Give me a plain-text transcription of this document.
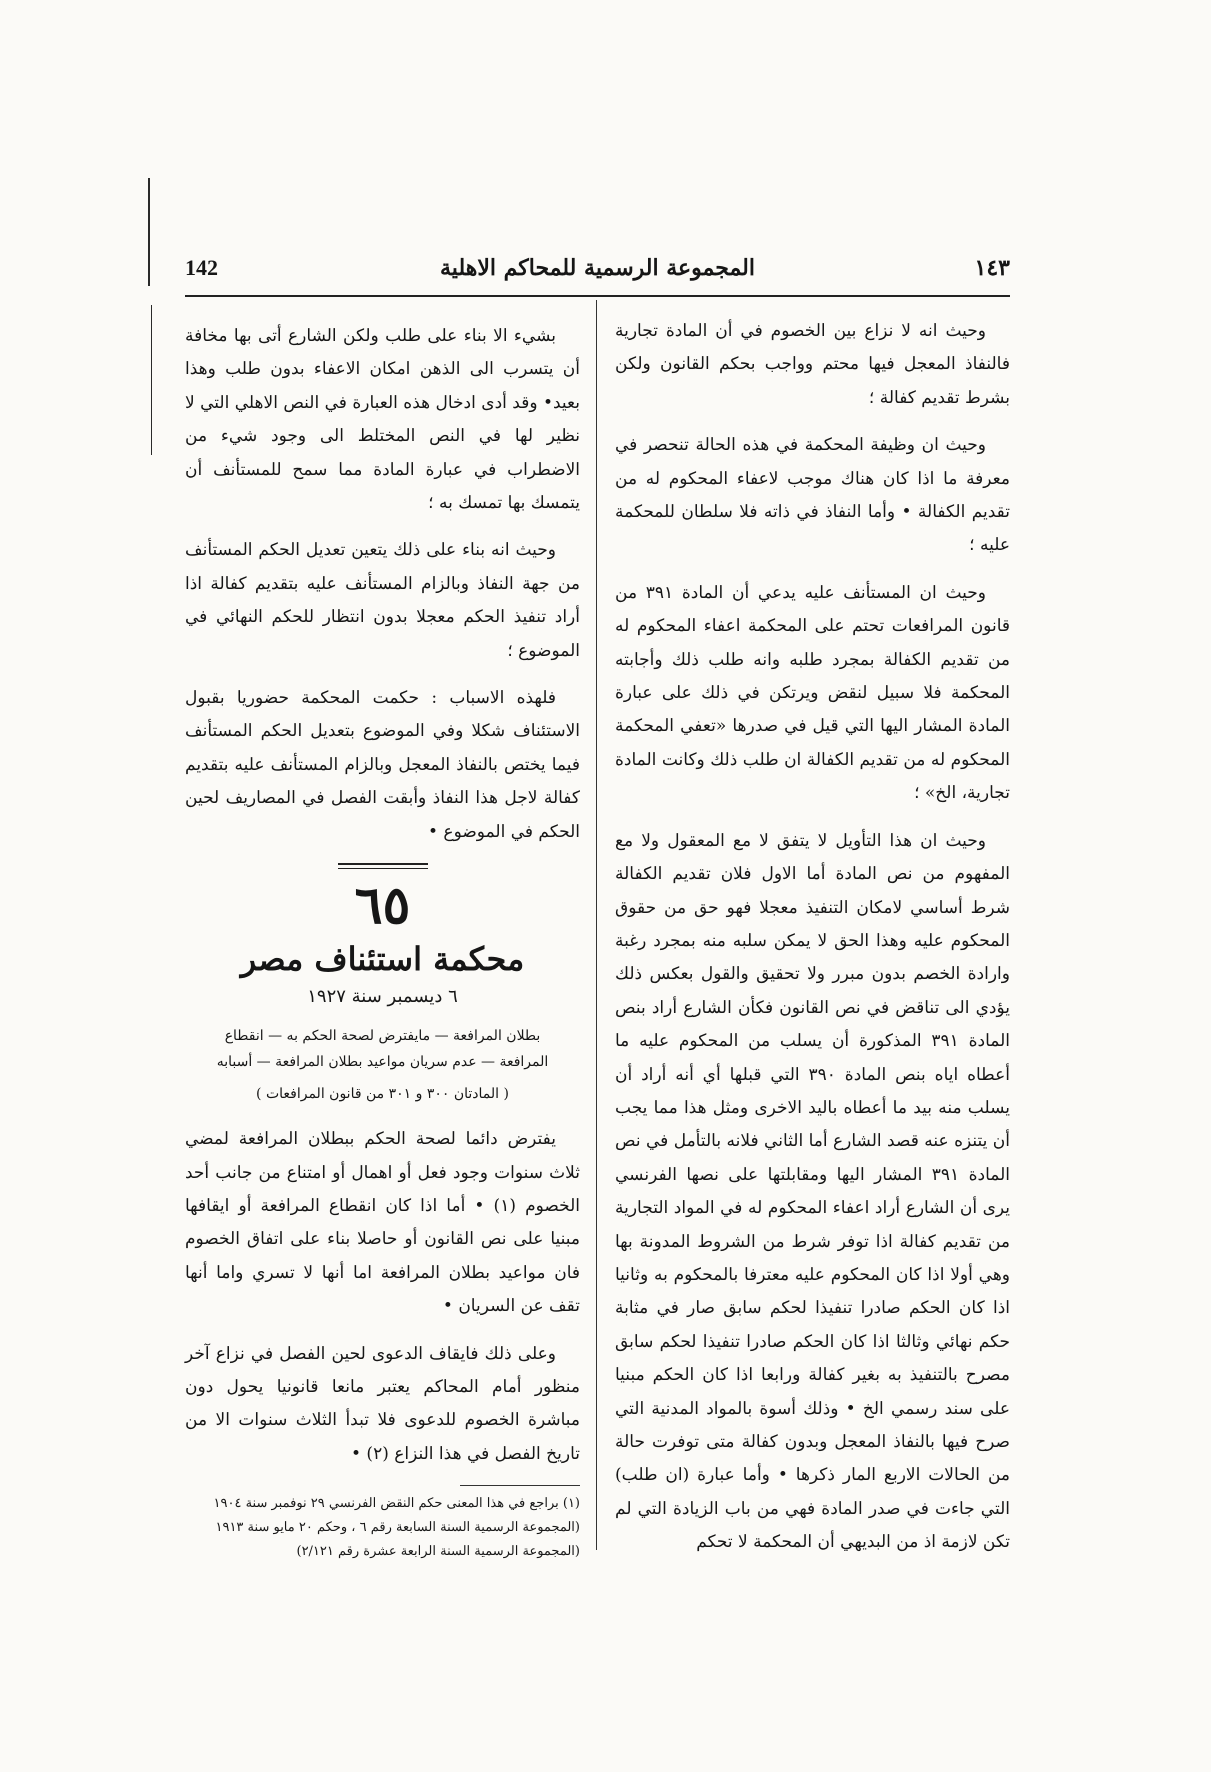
١٤٣
المجموعة الرسمية للمحاكم الاهلية
142

وحيث انه لا نزاع بين الخصوم في أن المادة تجارية فالنفاذ المعجل فيها محتم وواجب بحكم القانون ولكن بشرط تقديم كفالة ؛

وحيث ان وظيفة المحكمة في هذه الحالة تنحصر في معرفة ما اذا كان هناك موجب لاعفاء المحكوم له من تقديم الكفالة • وأما النفاذ في ذاته فلا سلطان للمحكمة عليه ؛

وحيث ان المستأنف عليه يدعي أن المادة ٣٩١ من قانون المرافعات تحتم على المحكمة اعفاء المحكوم له من تقديم الكفالة بمجرد طلبه وانه طلب ذلك وأجابته المحكمة فلا سبيل لنقض ويرتكن في ذلك على عبارة المادة المشار اليها التي قيل في صدرها «تعفي المحكمة المحكوم له من تقديم الكفالة ان طلب ذلك وكانت المادة تجارية، الخ» ؛

وحيث ان هذا التأويل لا يتفق لا مع المعقول ولا مع المفهوم من نص المادة أما الاول فلان تقديم الكفالة شرط أساسي لامكان التنفيذ معجلا فهو حق من حقوق المحكوم عليه وهذا الحق لا يمكن سلبه منه بمجرد رغبة وارادة الخصم بدون مبرر ولا تحقيق والقول بعكس ذلك يؤدي الى تناقض في نص القانون فكأن الشارع أراد بنص المادة ٣٩١ المذكورة أن يسلب من المحكوم عليه ما أعطاه اياه بنص المادة ٣٩٠ التي قبلها أي أنه أراد أن يسلب منه بيد ما أعطاه باليد الاخرى ومثل هذا مما يجب أن يتنزه عنه قصد الشارع أما الثاني فلانه بالتأمل في نص المادة ٣٩١ المشار اليها ومقابلتها على نصها الفرنسي يرى أن الشارع أراد اعفاء المحكوم له في المواد التجارية من تقديم كفالة اذا توفر شرط من الشروط المدونة بها وهي أولا اذا كان المحكوم عليه معترفا بالمحكوم به وثانيا اذا كان الحكم صادرا تنفيذا لحكم سابق صار في مثابة حكم نهائي وثالثا اذا كان الحكم صادرا تنفيذا لحكم سابق مصرح بالتنفيذ به بغير كفالة ورابعا اذا كان الحكم مبنيا على سند رسمي الخ • وذلك أسوة بالمواد المدنية التي صرح فيها بالنفاذ المعجل وبدون كفالة متى توفرت حالة من الحالات الاربع المار ذكرها • وأما عبارة (ان طلب) التي جاءت في صدر المادة فهي من باب الزيادة التي لم تكن لازمة اذ من البديهي أن المحكمة لا تحكم

بشيء الا بناء على طلب ولكن الشارع أتى بها مخافة أن يتسرب الى الذهن امكان الاعفاء بدون طلب وهذا بعيد• وقد أدى ادخال هذه العبارة في النص الاهلي التي لا نظير لها في النص المختلط الى وجود شيء من الاضطراب في عبارة المادة مما سمح للمستأنف أن يتمسك بها تمسك به ؛

وحيث انه بناء على ذلك يتعين تعديل الحكم المستأنف من جهة النفاذ وبالزام المستأنف عليه بتقديم كفالة اذا أراد تنفيذ الحكم معجلا بدون انتظار للحكم النهائي في الموضوع ؛

فلهذه الاسباب : حكمت المحكمة حضوريا بقبول الاستئناف شكلا وفي الموضوع بتعديل الحكم المستأنف فيما يختص بالنفاذ المعجل وبالزام المستأنف عليه بتقديم كفالة لاجل هذا النفاذ وأبقت الفصل في المصاريف لحين الحكم في الموضوع •

٦٥
محكمة استئناف مصر
٦ ديسمبر سنة ١٩٢٧
بطلان المرافعة — مايفترض لصحة الحكم به — انقطاع المرافعة — عدم سريان مواعيد بطلان المرافعة — أسبابه
( المادتان ٣٠٠ و ٣٠١ من قانون المرافعات )

يفترض دائما لصحة الحكم ببطلان المرافعة لمضي ثلاث سنوات وجود فعل أو اهمال أو امتناع من جانب أحد الخصوم (١) • أما اذا كان انقطاع المرافعة أو ايقافها مبنيا على نص القانون أو حاصلا بناء على اتفاق الخصوم فان مواعيد بطلان المرافعة اما أنها لا تسري واما أنها تقف عن السريان •

وعلى ذلك فايقاف الدعوى لحين الفصل في نزاع آخر منظور أمام المحاكم يعتبر مانعا قانونيا يحول دون مباشرة الخصوم للدعوى فلا تبدأ الثلاث سنوات الا من تاريخ الفصل في هذا النزاع (٢) •

(١) براجع في هذا المعنى حكم النقض الفرنسي ٢٩ نوفمبر سنة ١٩٠٤
(المجموعة الرسمية السنة السابعة رقم ٦ ، وحكم ٢٠ مايو سنة ١٩١٣
(المجموعة الرسمية السنة الرابعة عشرة رقم ٢/١٢١)
